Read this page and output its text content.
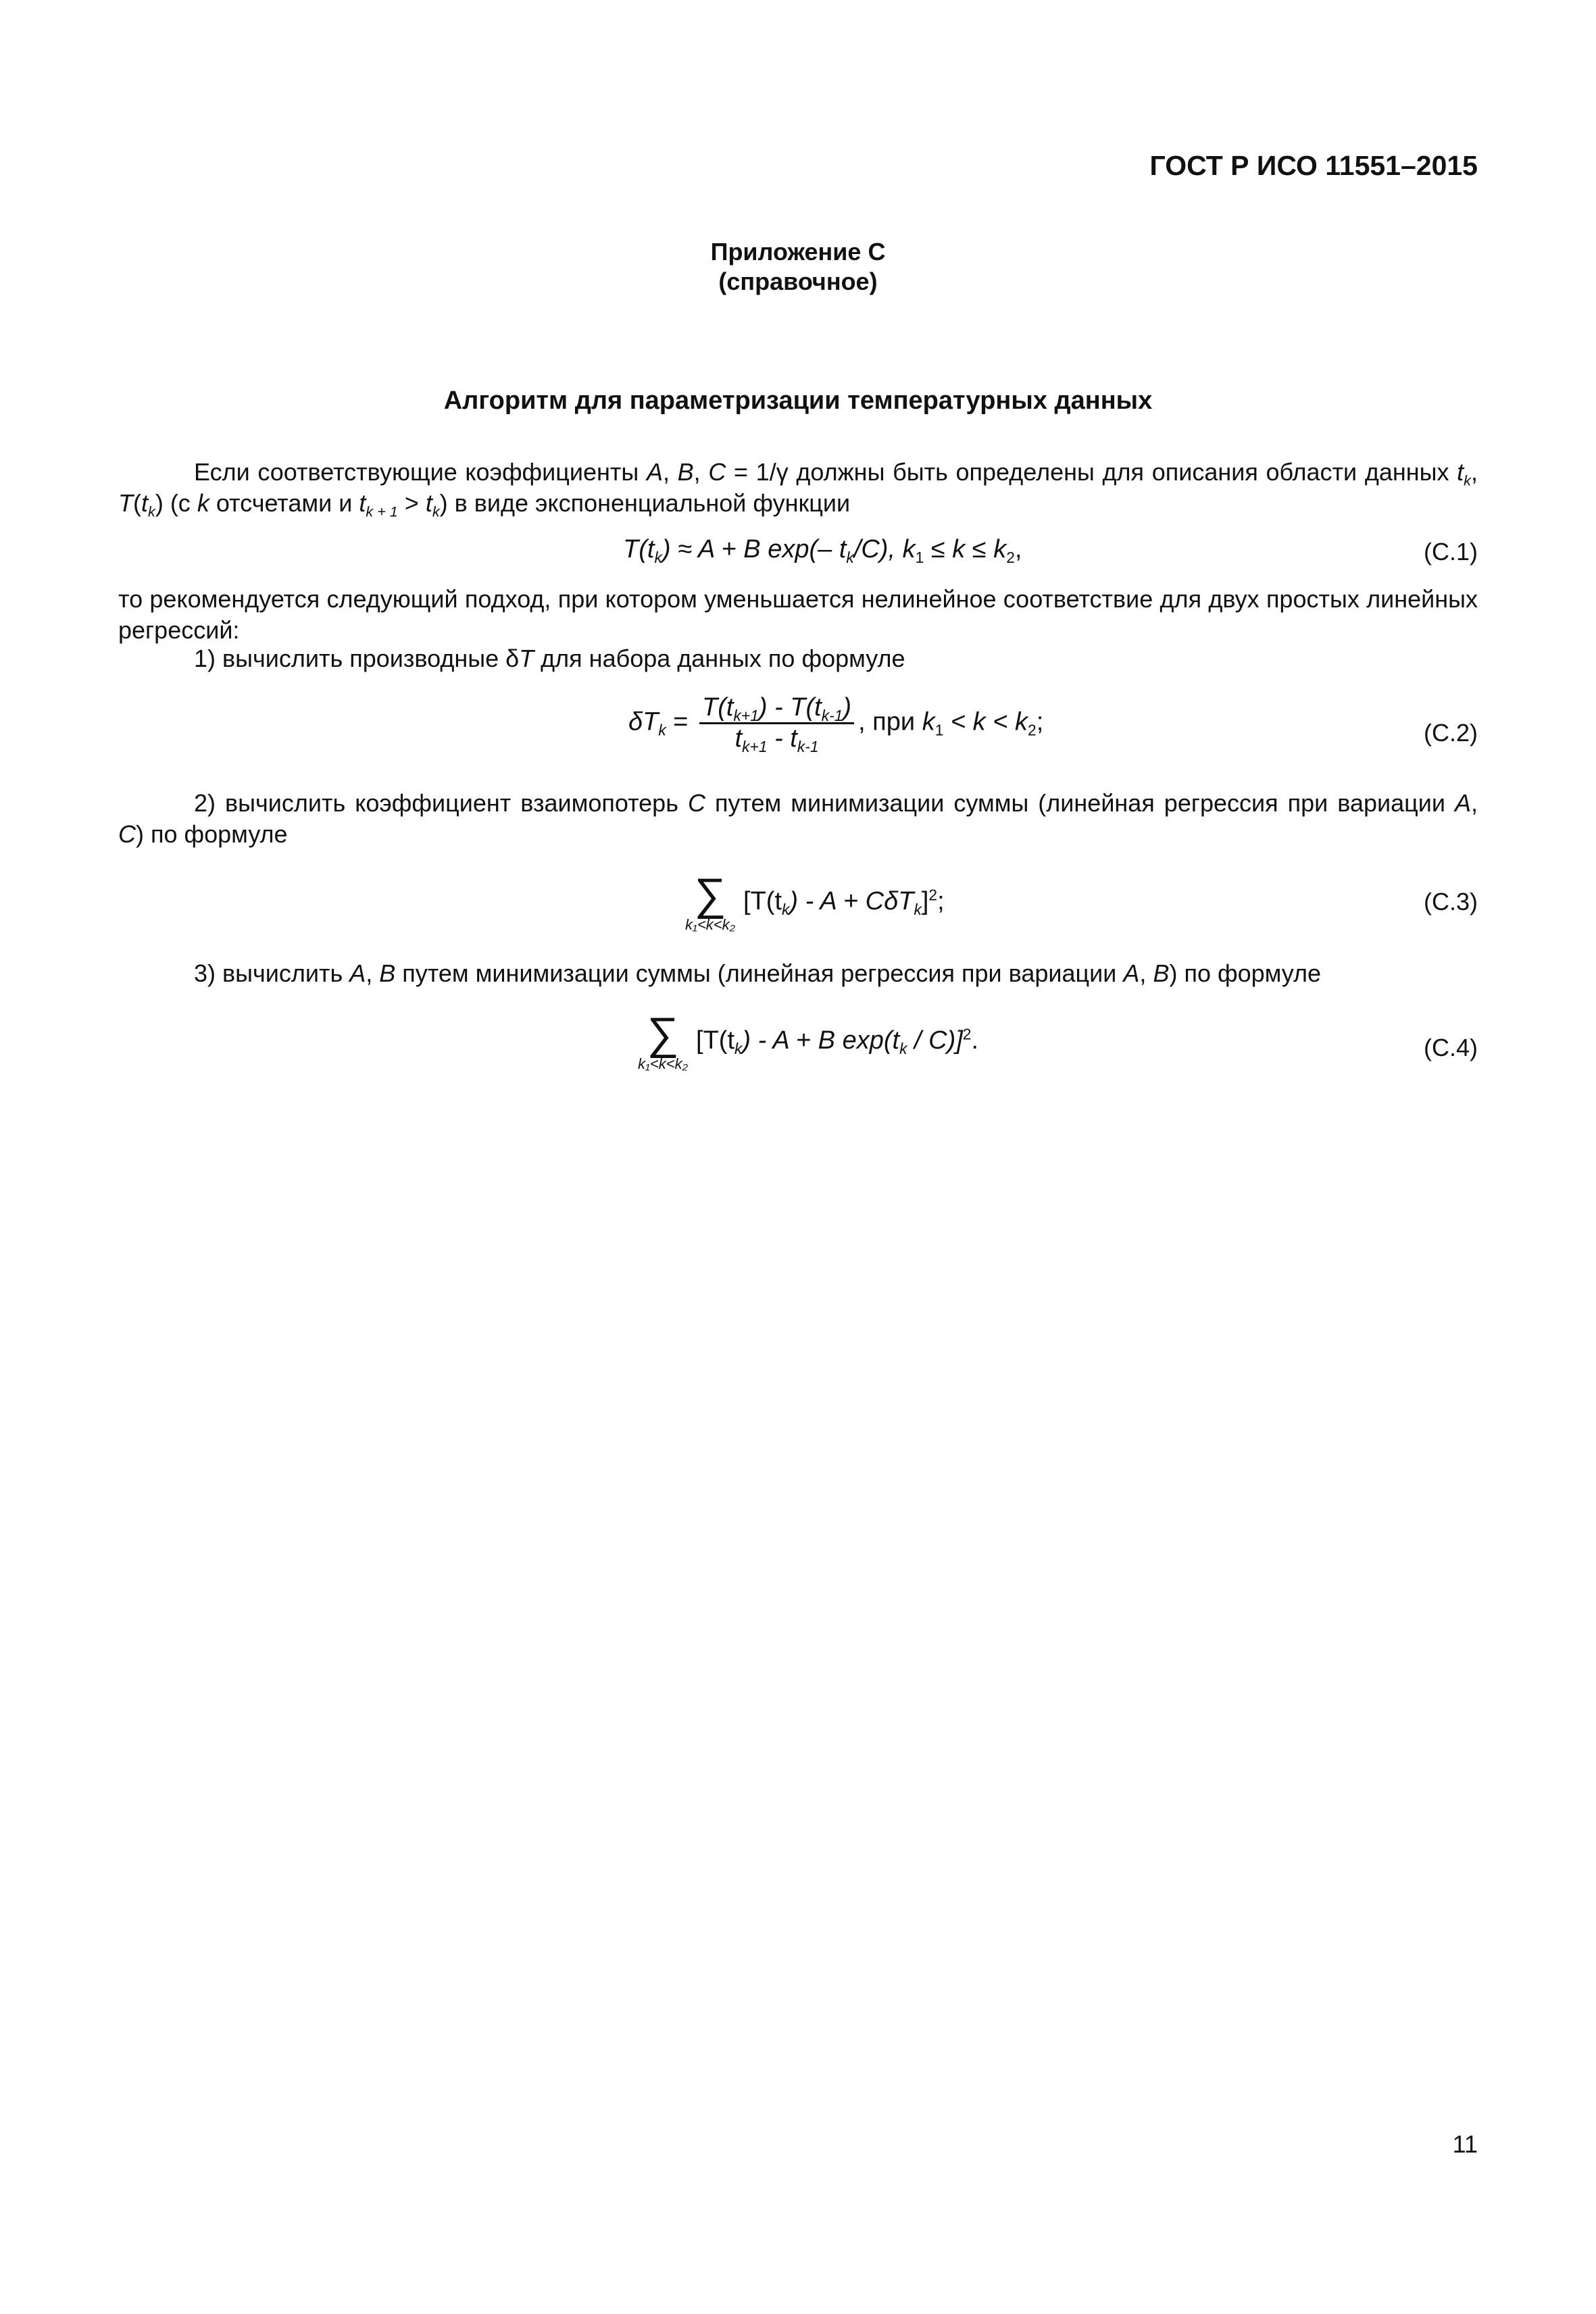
ГОСТ Р ИСО 11551–2015
Приложение С
(справочное)
Алгоритм для параметризации температурных данных
Если соответствующие коэффициенты A, B, C = 1/γ должны быть определены для описания области данных $t_k$, $T(t_k)$ (с k отсчетами и $t_{k + 1} > t_k$) в виде экспоненциальной функции
$T(t_k) \approx A + B$ exp(– $t_k/C$), $k_1 \le k \le k_2$,	(C.1)
то рекомендуется следующий подход, при котором уменьшается нелинейное соответствие для двух простых линейных регрессий:
1) вычислить производные δT для набора данных по формуле
$\delta T_k = \frac{T(t_{k+1}) - T(t_{k-1})}{t_{k+1} - t_{k-1}}$ , при $k_1 < k < k_2$;	(C.2)
2) вычислить коэффициент взаимопотерь C путем минимизации суммы (линейная регрессия при вариации A, C) по формуле
∑
k₁<k<k₂
$[T(t_k) - A + C\delta T_k]^2$;	(C.3)
3) вычислить A, B путем минимизации суммы (линейная регрессия при вариации A, B) по формуле
∑
k₁<k<k₂
[$T(t_k) - A + B$ $\exp(t_k / C)]^2$.	(C.4)
11
